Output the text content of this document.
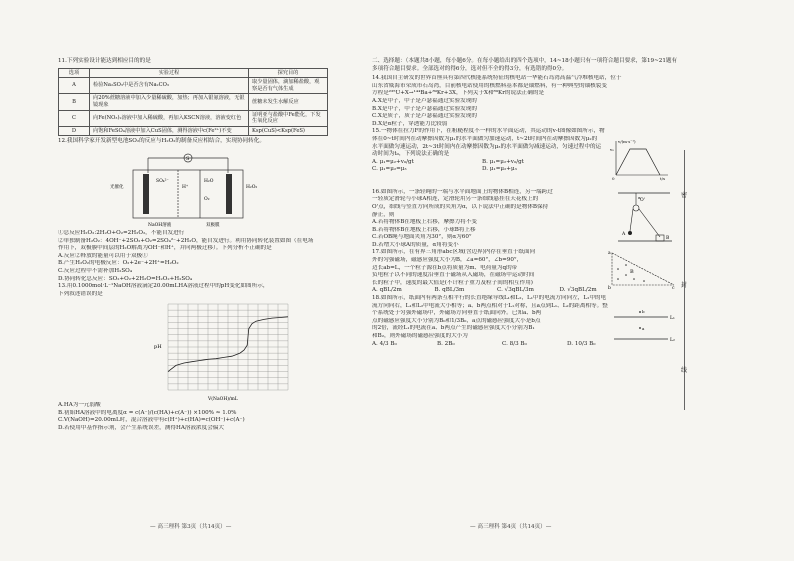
11.下列实验设计能达到相应目的的是
选项	实验过程	探究目的
A	检验Na₂SO₃中是否含有Na₂CO₃	取少量固体，滴加稀盐酸，观察是否有气体生成
B	向20%蔗糖溶液中加入少量稀硫酸，加热；再加入银氨溶液，无银镜现象	蔗糖未发生水解反应
C	向Fe(NO₃)₂溶液中加入稀硫酸，再加入KSCN溶液，溶液变红色	证明亚与盐酸中Fe能化，下发生氧化反应
D	向饱和FeSO₄溶液中加入CuS固体，测得溶液中c(Fe²⁺)不变	Ksp(CuS)<Ksp(FeS)
12.我国科学家开发新型电池SO₂的反应与H₂O₂的制备反应相结合，实现协同转化。
S
光催化
SO₄²⁻
H⁺
H₂O
O₂
H₂O₂
NaOH溶液	双极膜
①总反应H₂O₂:2H₂O+O₂=2H₂O₂，不能自发进行
②单独制备H₂O₂：4OH⁻+2SO₂+O₂=2SO₄²⁻+2H₂O，能自发进行。利用协同转化装置如图（在电场
作用下，双极膜中间层的H₂O解离为OH⁻和H⁺，并向两极迁移）。下列分析不正确的是
A.反应②释放的能量可以用于双极①
B.产生H₂O₂的电极反应：O₂+2e⁻+2H⁺=H₂O₂
C.反应过程中不需补加H₂SO₄
D.协同转化总反应：SO₂+O₂+2H₂O=H₂O₂+H₂SO₄
13.用0.1000mol·L⁻¹NaOH溶液滴定20.00mLHA溶液过程中的pH变化如图所示，
下列叙述错误的是
pH
V(NaOH)/mL
A.HA为一元弱酸
B.初始HA溶液中的电离度α = c(A⁻)/(c(HA)+c(A⁻)) ×100% ≈ 1.0%
C.V(NaOH)=20.00mL时，混合溶液中有c(H⁺)+c(HA)=c(OH⁻)+c(A⁻)
D.若使用甲基作指示剂，会产生系统误差，测得HA溶液浓度会偏大
— 高三理科 第3页（共14页）—
二、选择题：（本题共8小题，每小题6分。在每小题给出的四个选项中，14~18小题只有一项符合题目要求，第19~21题有多项符合题目要求。全部选对的得6分，选对但不全的得3分，有选错的得0分。
14.我国自主研发的世界首座具有第四代核能系统特征的核电站一华能石岛湾高温气冷堆核电站，位于
山东省威海市荣成市石岛湾，目前核电站使用的核燃料基本都是铀燃料，有一种典型的铀核裂变
方程是²³⁵U+X→¹⁴⁴Ba+⁸⁹Kr+3X，下列关于X和⁸⁹Kr的说法正确的是
A.X是中子，中子是卢瑟福通过实验发现的
B.X是中子，中子是卢瑟福通过实验发现的
C.X是质子，质子是卢瑟福通过实验发现的
D.X是α粒子，穿透能力比较弱
15.一物体在拉力F的作用下，在粗糙程度不一样的水平面运动，其运动的v-t图像如图所示，物
体在0~t时间内在动摩擦因数为μ₁的水平面做匀加速运动，t~2t时间内在动摩擦因数为μ₂的
水平面做匀速运动，2t~3t时间内在动摩擦因数为μ₃的水平面做匀减速运动，匀速过程中的运动时间为t₀，下列说法正确的是
A. μ₁=μ₂+v₀/gt	B. μ₁=μ₂+v₀/gt
C. μ₁=μ₂=μ₃	D. μ₁=μ₂+μ₃
v/(m·s⁻¹)
t/s
v₀
0
16.如图所示，一条轻绳的一端与水平面地面上的物体B相连，另一端跨过
一轻质定滑轮与小球A相连，定滑轮用另一条细线悬挂在天花板上的
O'点，细线与竖直方向所成的夹角为α，以下说法中正确的是物体B保持
静止，则
A.若将物体B在地板上右移，摩擦力将不变
B.若将物体B在地板上右移，小球B将上移
C.若OB绳与地面夹角为30°，则α为60°
D.若增大小球A的质量，α角将变小
O'
A
B
α
17.如图所示，在有界三角形abc区域(含边界)内存在垂直于纸面向
外的匀强磁场，磁感应强度大小为B，∠a=60°，∠b=90°，
边长ab=L，一个粒子源在b点将质量为m、电荷量为q的带
负电粒子以不同的速度沿垂直于磁场从入磁场，在磁场中运动时间
长的粒子中，速度的最大值是(不计粒子重力及粒子间的相互作用)
A. qBL/2m	B. qBL/3m	C. √3qBL/3m	D. √3qBL/2m
a
b	c
B
18.如图所示，纸面内有两条互相平行的长直绝缘导线L₁和L₂，L₁中的电流方向向左，L₂中的电
流方向向右，L₁和L₂中电流大小相等；a、b两点相对于L₁对称，且a点到L₁、L₂的距离相等。整
个系统处于匀强外磁场中，外磁场方向垂直于纸面向外。已知a、b两
点的磁感应强度大小分别为B₀和1/3B₀，a点的磁感应强度大小是b点
的2倍，流经L₁的电流在a、b两点产生的磁感应强度大小分别为B₁
和B₂，则外磁场的磁感应强度的大小为
A. 4/3 B₀	B. 2B₀	C. 8/3 B₀	D. 10/3 B₀
L₁
L₂
b
a
— 高三理科 第4页（共14页）—
密
封
线
